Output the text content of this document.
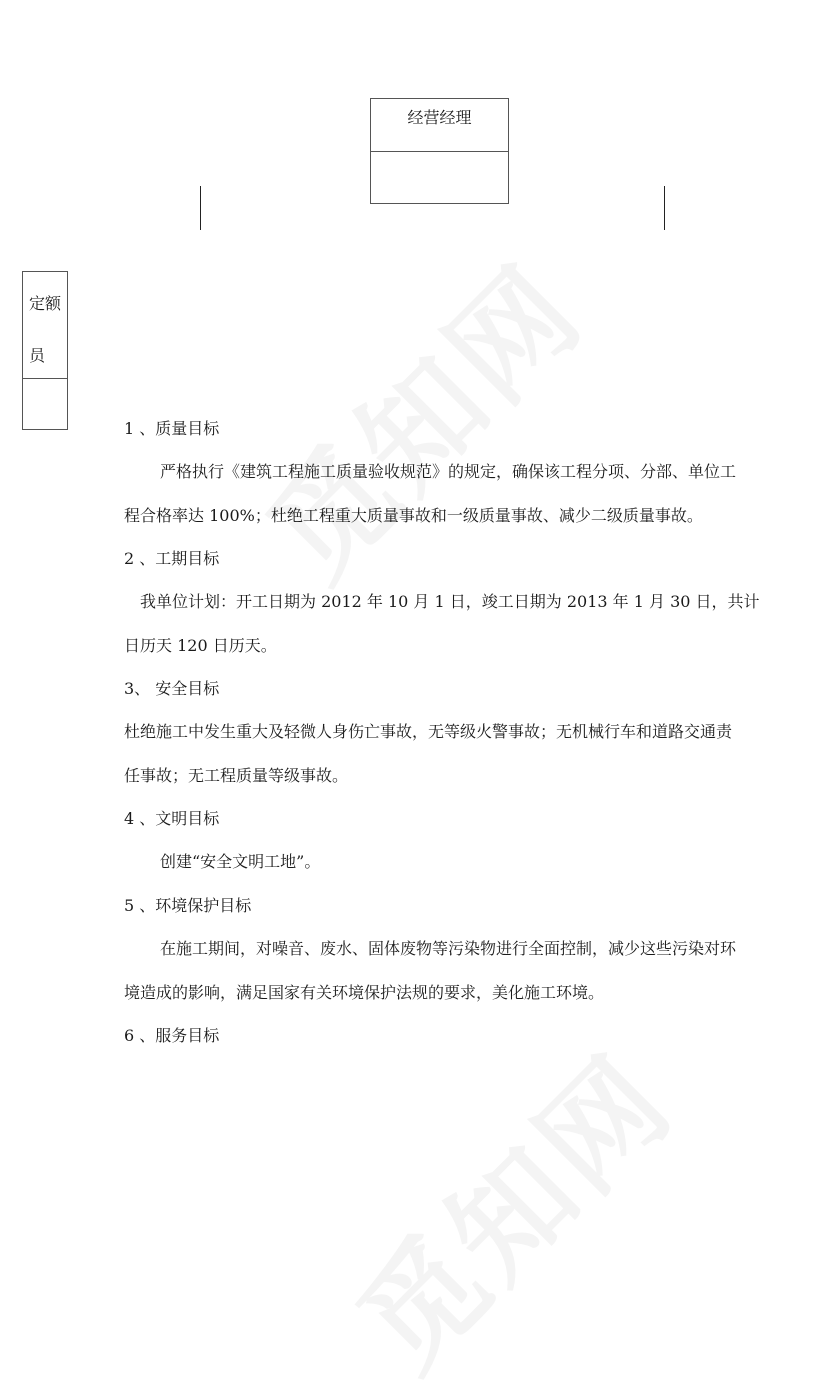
经营经理
定额
员
1 、质量目标
严格执行《建筑工程施工质量验收规范》的规定，确保该工程分项、分部、单位工
程合格率达 100%；杜绝工程重大质量事故和一级质量事故、减少二级质量事故。
2 、工期目标
我单位计划：开工日期为 2012 年 10 月 1 日，竣工日期为 2013 年 1 月 30 日，共计
日历天 120 日历天。
3、 安全目标
杜绝施工中发生重大及轻微人身伤亡事故，无等级火警事故；无机械行车和道路交通责
任事故；无工程质量等级事故。
4 、文明目标
创建“安全文明工地”。
5 、环境保护目标
在施工期间，对噪音、废水、固体废物等污染物进行全面控制，减少这些污染对环
境造成的影响，满足国家有关环境保护法规的要求，美化施工环境。
6 、服务目标
